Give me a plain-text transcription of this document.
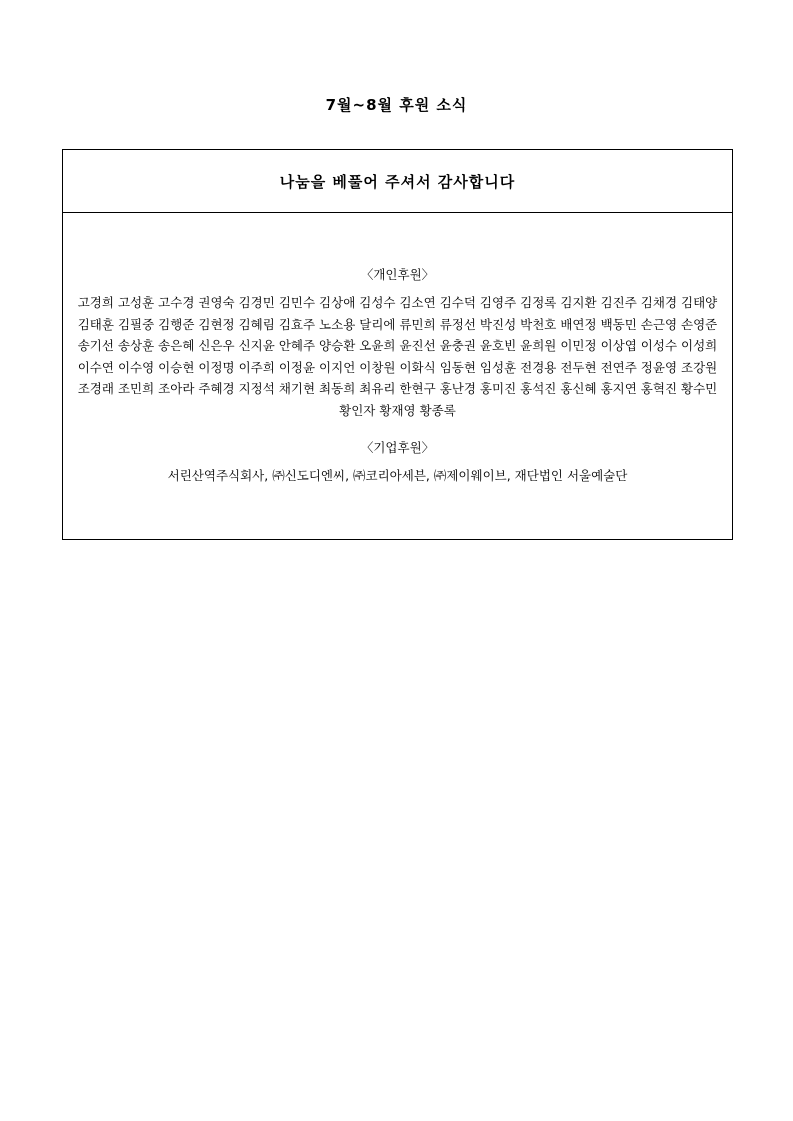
7월~8월 후원 소식
나눔을 베풀어 주셔서 감사합니다
〈개인후원〉
고경희 고성훈 고수경 권영숙 김경민 김민수 김상애 김성수 김소연 김수덕 김영주 김정록 김지환 김진주 김채경 김태양 김태훈 김필중 김행준 김현정 김혜림 김효주 노소용 달리에 류민희 류정선 박진성 박천호 배연정 백동민 손근영 손영준 송기선 송상훈 송은혜 신은우 신지윤 안혜주 양승환 오윤희 윤진선 윤충권 윤호빈 윤희원 이민정 이상엽 이성수 이성희 이수연 이수영 이승현 이정명 이주희 이정윤 이지언 이창원 이화식 임동현 임성훈 전경용 전두현 전연주 정윤영 조강원 조경래 조민희 조아라 주혜경 지정석 채기현 최동희 최유리 한현구 홍난경 홍미진 홍석진 홍신혜 홍지연 홍혁진 황수민 황인자 황재영 황종록
〈기업후원〉
서린산역주식회사, ㈜신도디엔씨, ㈜코리아세븐, ㈜제이웨이브, 재단법인 서울예술단
